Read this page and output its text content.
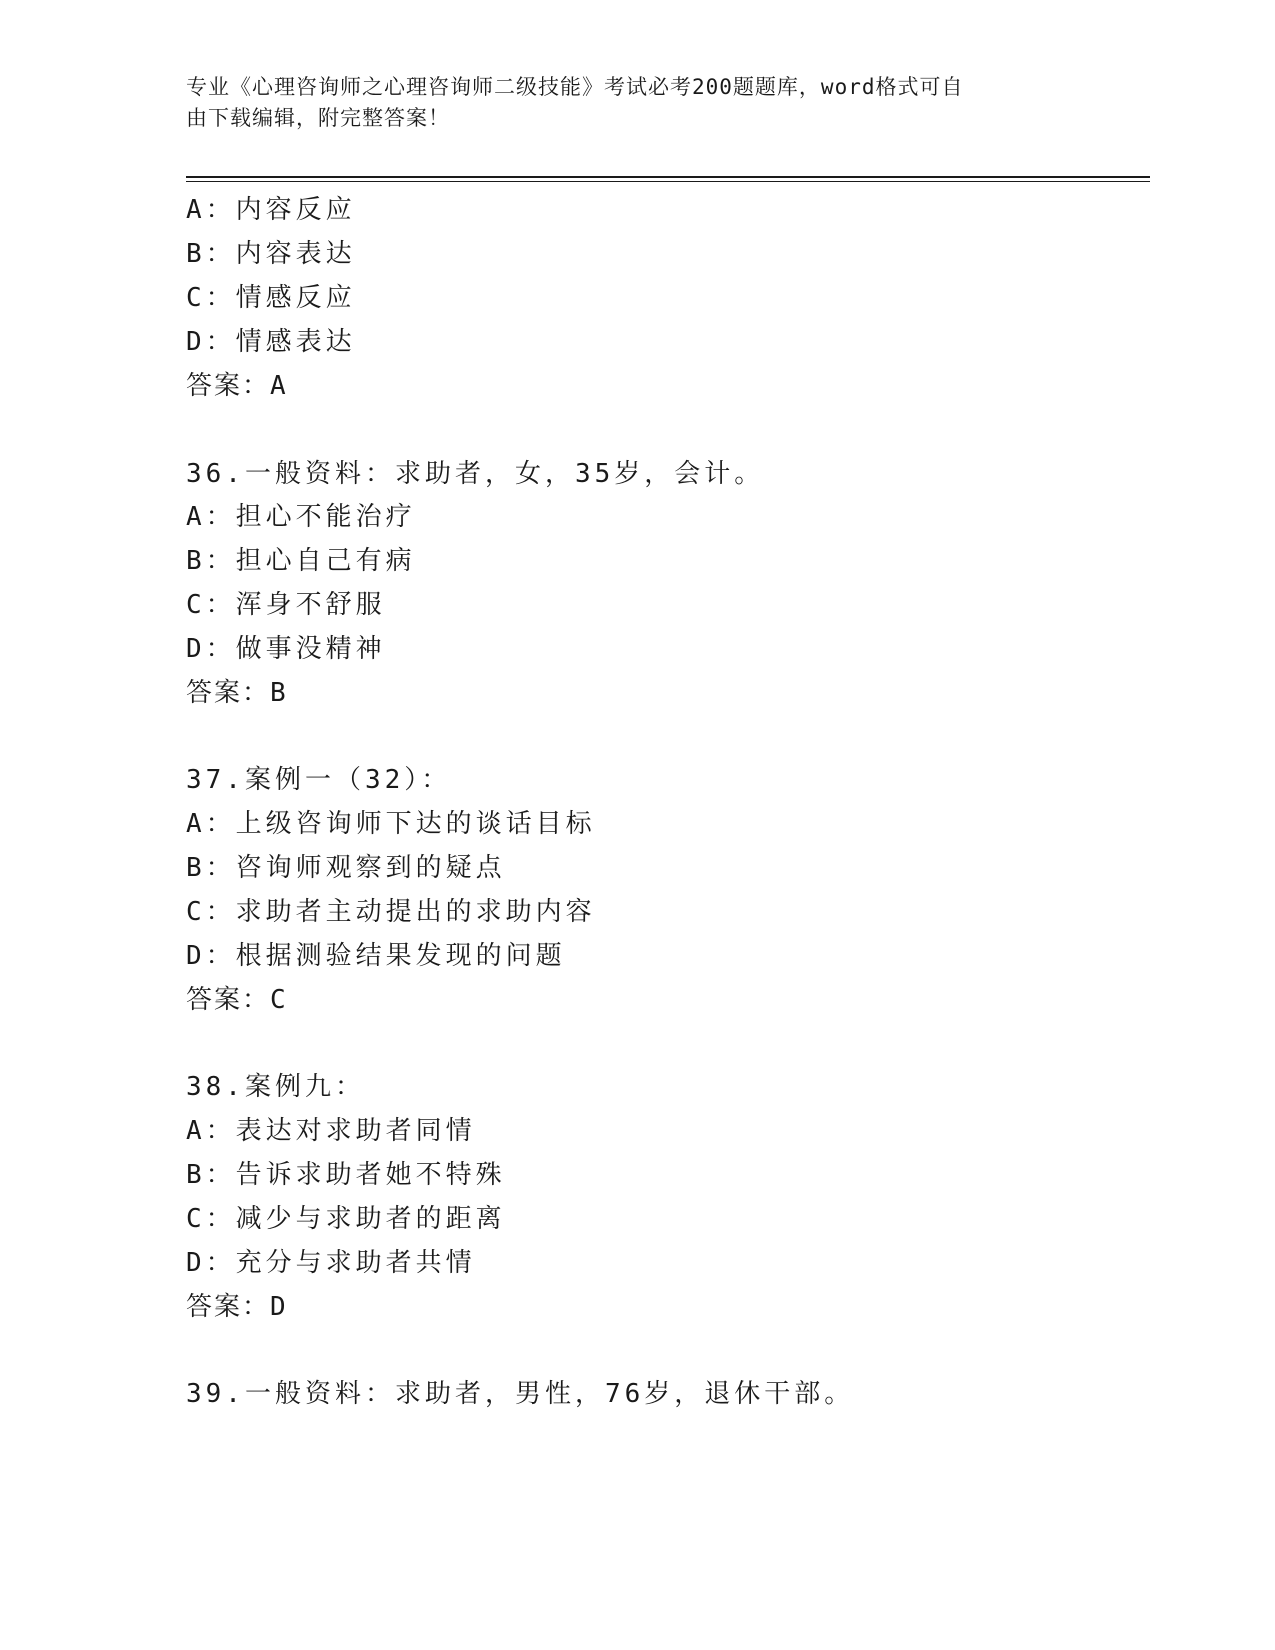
专业《心理咨询师之心理咨询师二级技能》考试必考200题题库，word格式可自
由下载编辑，附完整答案！
A：内容反应
B：内容表达
C：情感反应
D：情感表达
答案：A
36.一般资料：求助者，女，35岁，会计。
A：担心不能治疗
B：担心自己有病
C：浑身不舒服
D：做事没精神
答案：B
37.案例一（32）：
A：上级咨询师下达的谈话目标
B：咨询师观察到的疑点
C：求助者主动提出的求助内容
D：根据测验结果发现的问题
答案：C
38.案例九：
A：表达对求助者同情
B：告诉求助者她不特殊
C：减少与求助者的距离
D：充分与求助者共情
答案：D
39.一般资料：求助者，男性，76岁，退休干部。
